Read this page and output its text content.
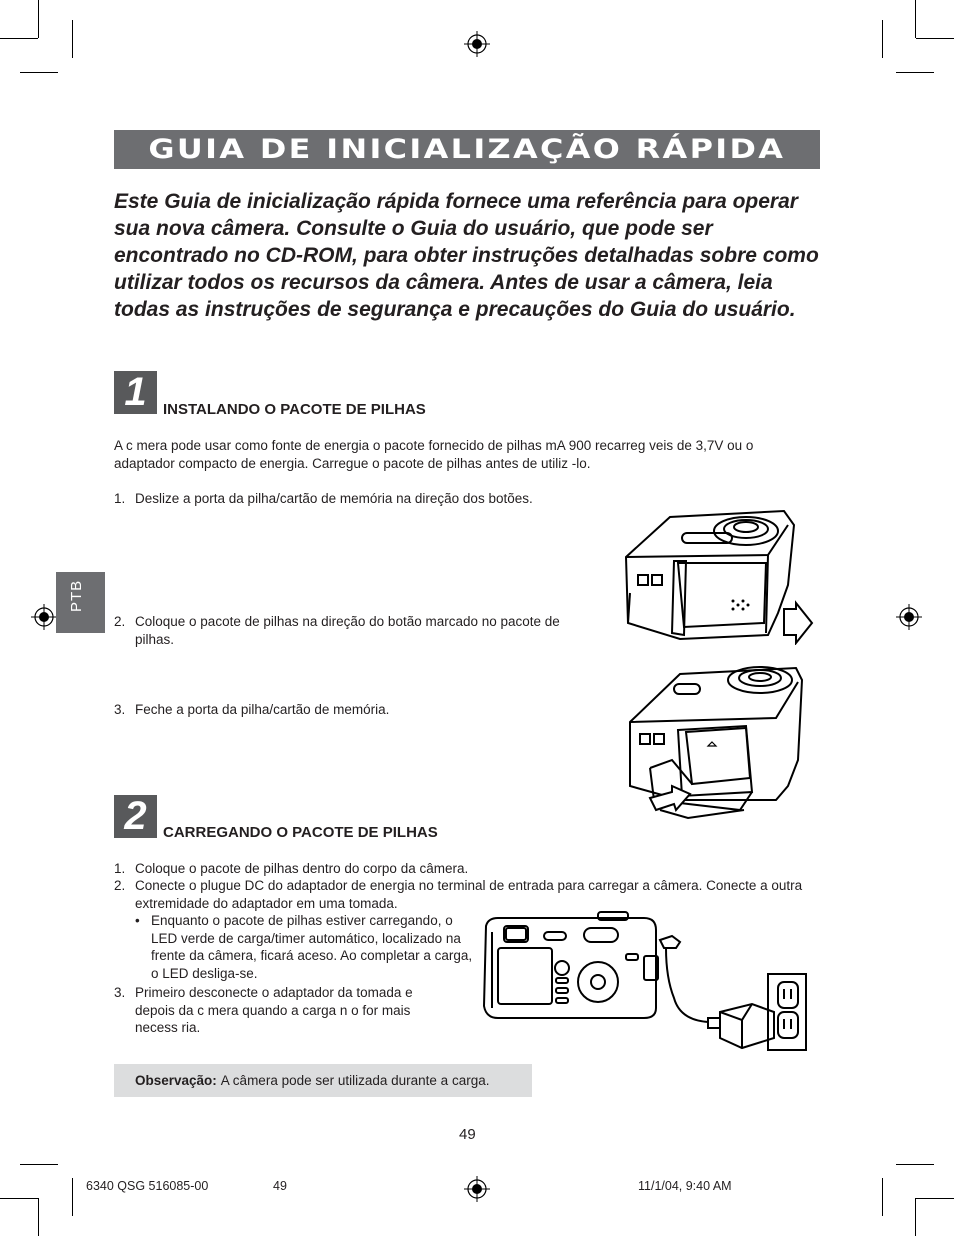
GUIA DE INICIALIZAÇÃO RÁPIDA
Este Guia de inicialização rápida fornece uma referência para operar sua nova câmera. Consulte o Guia do usuário, que pode ser encontrado no CD-ROM, para obter instruções detalhadas sobre como utilizar todos os recursos da câmera. Antes de usar a câmera, leia todas as instruções de segurança e precauções do Guia do usuário.
PTB
1	INSTALANDO O PACOTE DE PILHAS
A c mera pode usar como fonte de energia o pacote fornecido de pilhas mA 900 recarreg veis de 3,7V ou o adaptador compacto de energia. Carregue o pacote de pilhas antes de utiliz -lo.
1. Deslize a porta da pilha/cartão de memória na direção dos botões.
2. Coloque o pacote de pilhas na direção do botão marcado no pacote de pilhas.
3. Feche a porta da pilha/cartão de memória.
2	CARREGANDO O PACOTE DE PILHAS
1. Coloque o pacote de pilhas dentro do corpo da câmera.
2. Conecte o plugue DC do adaptador de energia no terminal de entrada para carregar a câmera. Conecte a outra extremidade do adaptador em uma tomada.
• Enquanto o pacote de pilhas estiver carregando, o LED verde de carga/timer automático, localizado na frente da câmera, ficará aceso. Ao completar a carga, o LED desliga-se.
3. Primeiro desconecte o adaptador da tomada e depois da c mera quando a carga n o for mais necess ria.
Observação: A câmera pode ser utilizada durante a carga.
49
6340 QSG 516085-00	49	11/1/04, 9:40 AM
